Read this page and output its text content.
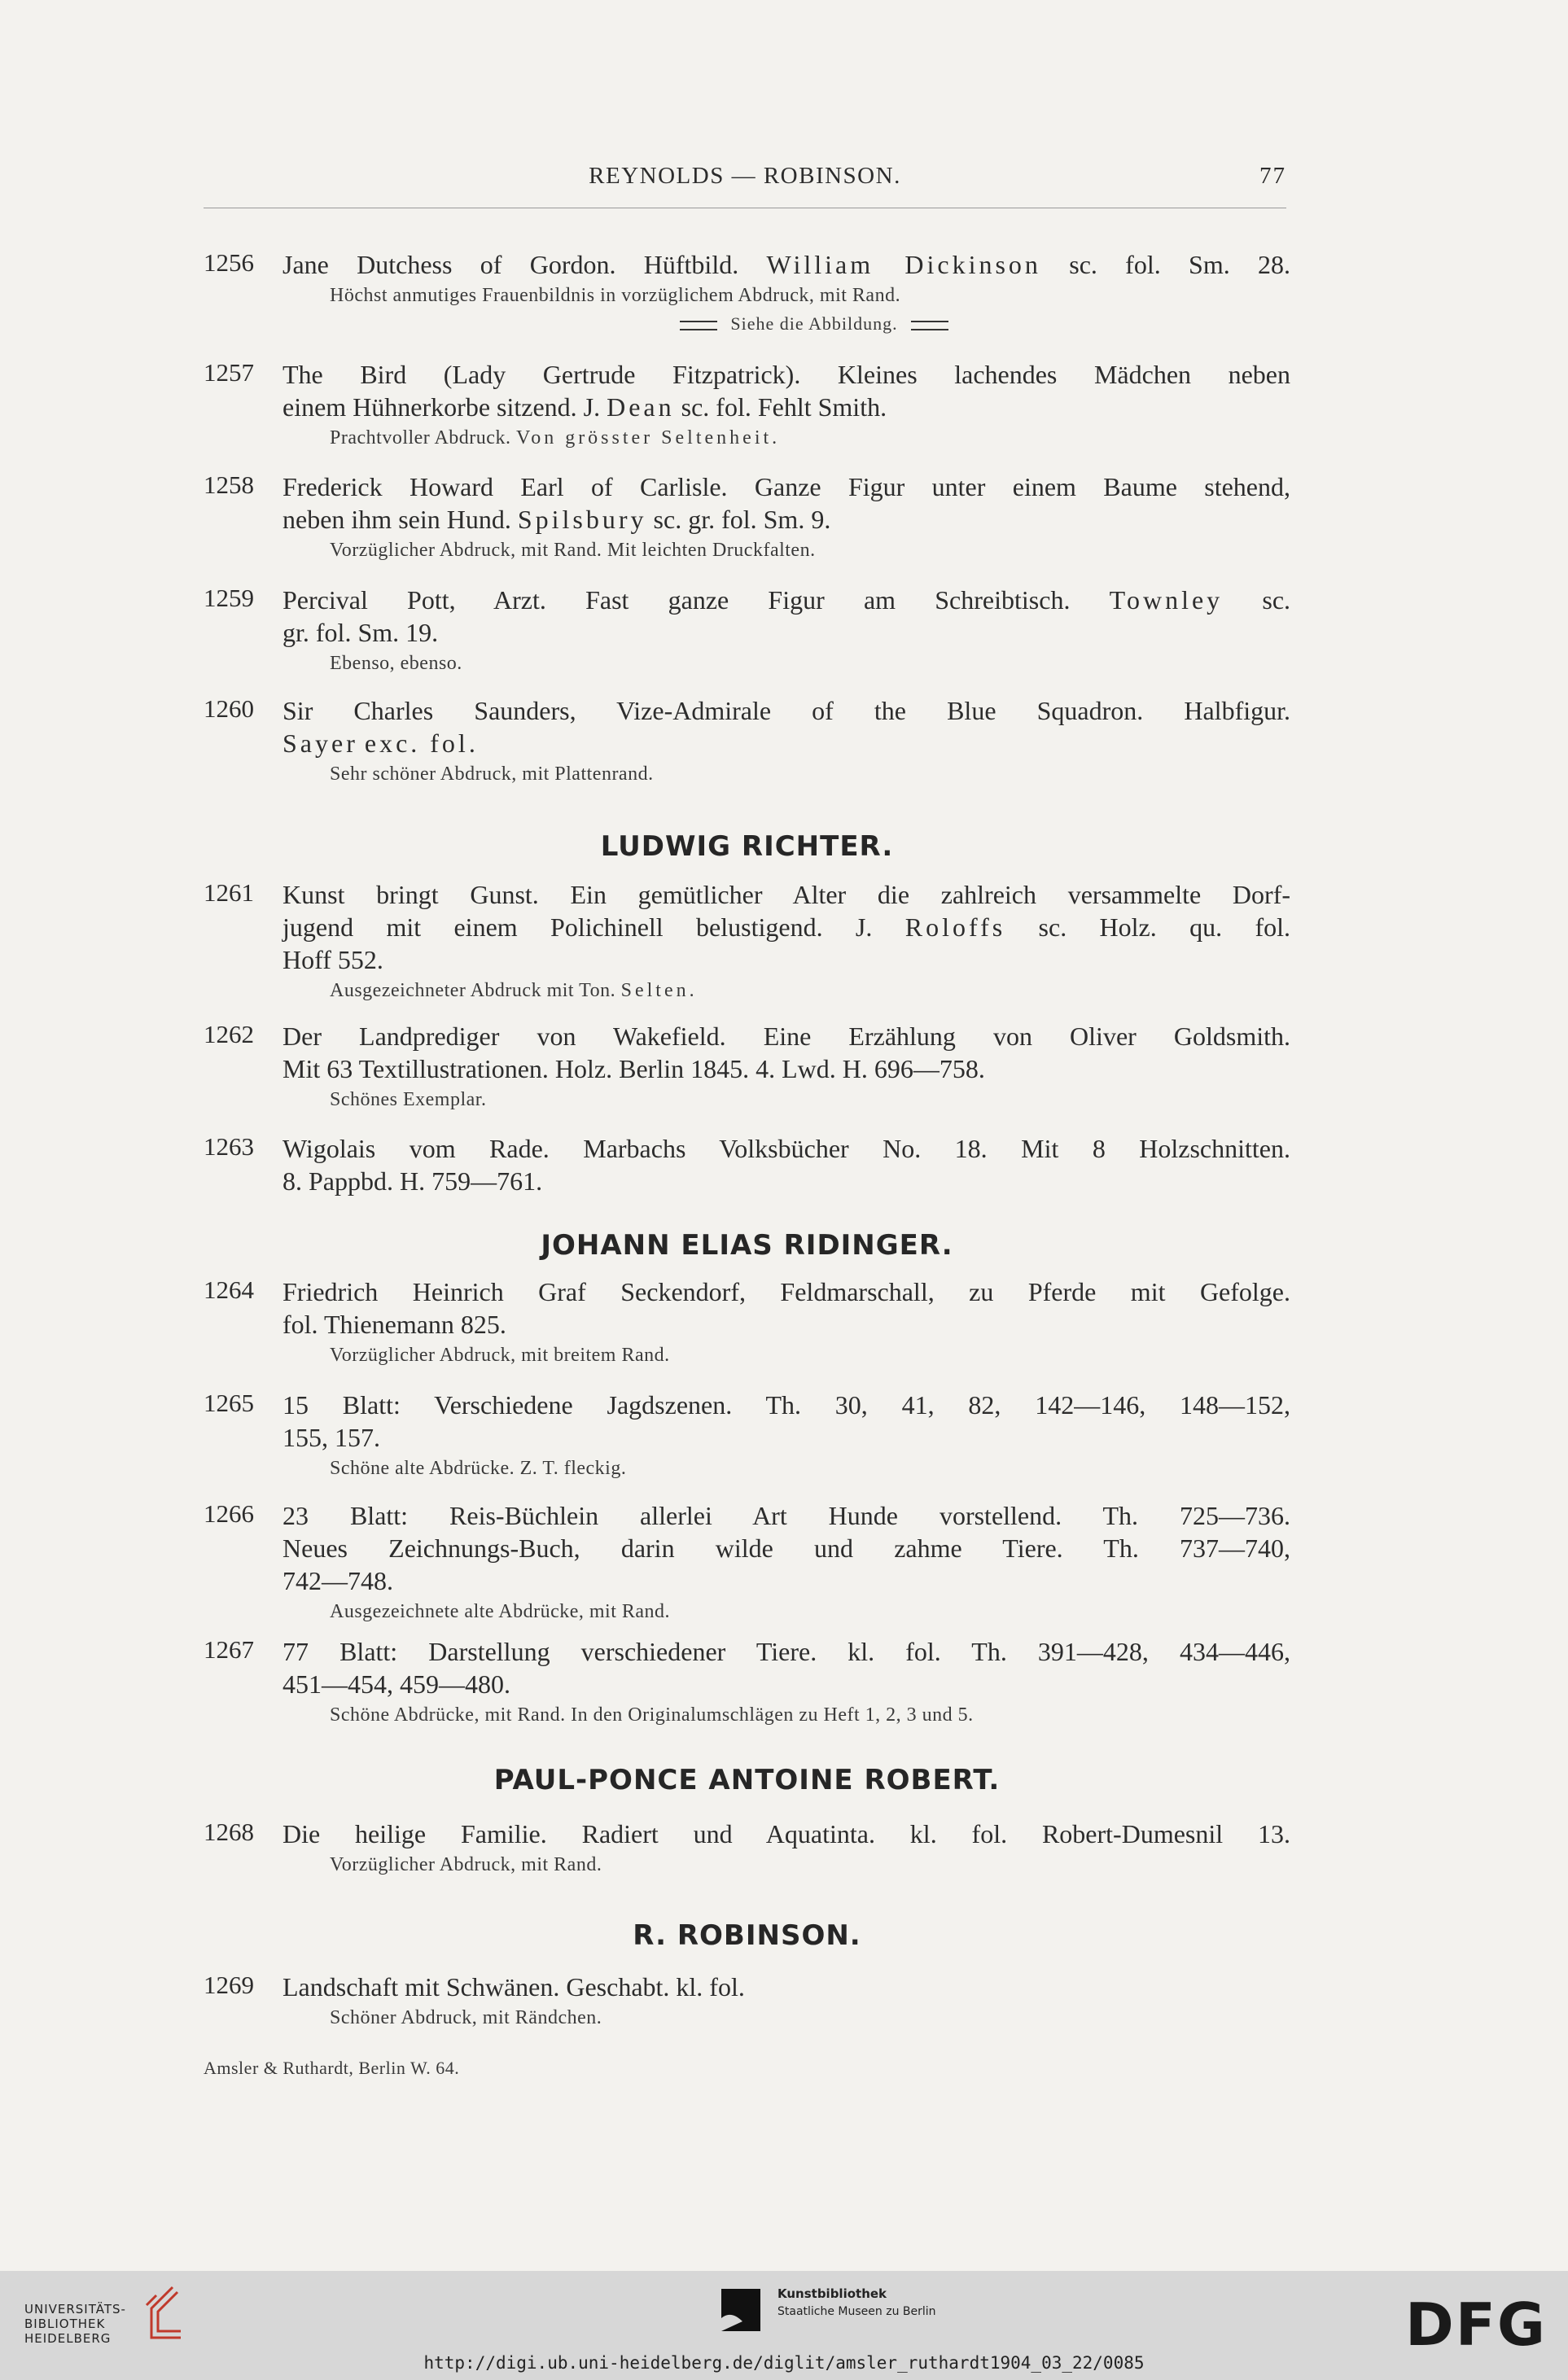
REYNOLDS — ROBINSON.	77
1256 Jane Dutchess of Gordon. Hüftbild. William Dickinson sc. fol. Sm. 28.
Höchst anmutiges Frauenbildnis in vorzüglichem Abdruck, mit Rand.
Siehe die Abbildung.
1257 The Bird (Lady Gertrude Fitzpatrick). Kleines lachendes Mädchen neben
einem Hühnerkorbe sitzend. J. Dean sc. fol. Fehlt Smith.
Prachtvoller Abdruck. Von grösster Seltenheit.
1258 Frederick Howard Earl of Carlisle. Ganze Figur unter einem Baume stehend,
neben ihm sein Hund. Spilsbury sc. gr. fol. Sm. 9.
Vorzüglicher Abdruck, mit Rand. Mit leichten Druckfalten.
1259 Percival Pott, Arzt. Fast ganze Figur am Schreibtisch. Townley sc.
gr. fol. Sm. 19.
Ebenso, ebenso.
1260 Sir Charles Saunders, Vize-Admirale of the Blue Squadron. Halbfigur.
Sayer exc. fol.
Sehr schöner Abdruck, mit Plattenrand.
LUDWIG RICHTER.
1261 Kunst bringt Gunst. Ein gemütlicher Alter die zahlreich versammelte Dorf-
jugend mit einem Polichinell belustigend. J. Roloffs sc. Holz. qu. fol.
Hoff 552.
Ausgezeichneter Abdruck mit Ton. Selten.
1262 Der Landprediger von Wakefield. Eine Erzählung von Oliver Goldsmith.
Mit 63 Textillustrationen. Holz. Berlin 1845. 4. Lwd. H. 696—758.
Schönes Exemplar.
1263 Wigolais vom Rade. Marbachs Volksbücher No. 18. Mit 8 Holzschnitten.
8. Pappbd. H. 759—761.
JOHANN ELIAS RIDINGER.
1264 Friedrich Heinrich Graf Seckendorf, Feldmarschall, zu Pferde mit Gefolge.
fol. Thienemann 825.
Vorzüglicher Abdruck, mit breitem Rand.
1265 15 Blatt: Verschiedene Jagdszenen. Th. 30, 41, 82, 142—146, 148—152,
155, 157.
Schöne alte Abdrücke. Z. T. fleckig.
1266 23 Blatt: Reis-Büchlein allerlei Art Hunde vorstellend. Th. 725—736.
Neues Zeichnungs-Buch, darin wilde und zahme Tiere. Th. 737—740,
742—748.
Ausgezeichnete alte Abdrücke, mit Rand.
1267 77 Blatt: Darstellung verschiedener Tiere. kl. fol. Th. 391—428, 434—446,
451—454, 459—480.
Schöne Abdrücke, mit Rand. In den Originalumschlägen zu Heft 1, 2, 3 und 5.
PAUL-PONCE ANTOINE ROBERT.
1268 Die heilige Familie. Radiert und Aquatinta. kl. fol. Robert-Dumesnil 13.
Vorzüglicher Abdruck, mit Rand.
R. ROBINSON.
1269 Landschaft mit Schwänen. Geschabt. kl. fol.
Schöner Abdruck, mit Rändchen.
Amsler & Ruthardt, Berlin W. 64.
UNIVERSITÄTS-
BIBLIOTHEK
HEIDELBERG
Kunstbibliothek
Staatliche Museen zu Berlin	DFG
http://digi.ub.uni-heidelberg.de/diglit/amsler_ruthardt1904_03_22/0085
